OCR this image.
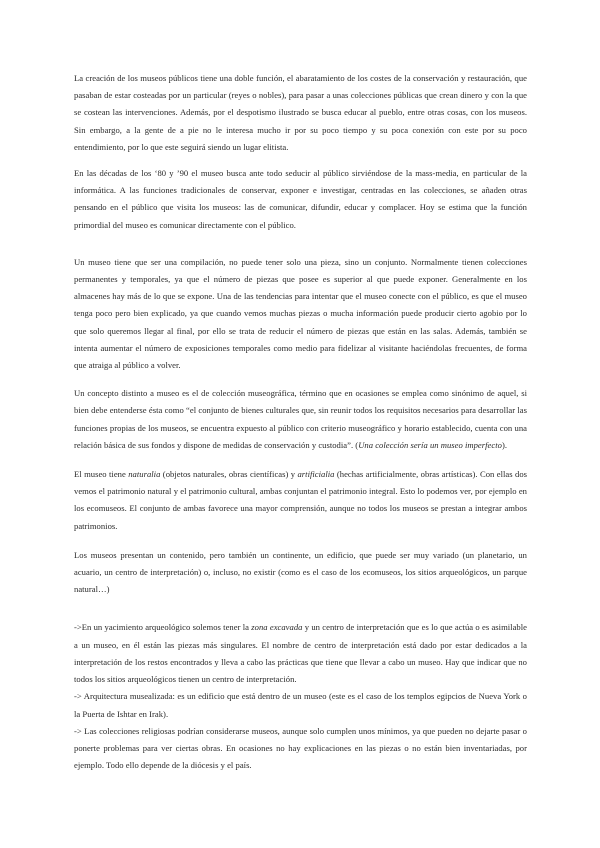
La creación de los museos públicos tiene una doble función, el abaratamiento de los costes de la conservación y restauración, que pasaban de estar costeadas por un particular (reyes o nobles), para pasar a unas colecciones públicas que crean dinero y con la que se costean las intervenciones. Además, por el despotismo ilustrado se busca educar al pueblo, entre otras cosas, con los museos. Sin embargo, a la gente de a pie no le interesa mucho ir por su poco tiempo y su poca conexión con este por su poco entendimiento, por lo que este seguirá siendo un lugar elitista.

En las décadas de los ‘80 y ’90 el museo busca ante todo seducir al público sirviéndose de la mass-media, en particular de la informática. A las funciones tradicionales de conservar, exponer e investigar, centradas en las colecciones, se añaden otras pensando en el público que visita los museos: las de comunicar, difundir, educar y complacer. Hoy se estima que la función primordial del museo es comunicar directamente con el público.

Un museo tiene que ser una compilación, no puede tener solo una pieza, sino un conjunto. Normalmente tienen colecciones permanentes y temporales, ya que el número de piezas que posee es superior al que puede exponer. Generalmente en los almacenes hay más de lo que se expone. Una de las tendencias para intentar que el museo conecte con el público, es que el museo tenga poco pero bien explicado, ya que cuando vemos muchas piezas o mucha información puede producir cierto agobio por lo que solo queremos llegar al final, por ello se trata de reducir el número de piezas que están en las salas. Además, también se intenta aumentar el número de exposiciones temporales como medio para fidelizar al visitante haciéndolas frecuentes, de forma que atraiga al público a volver.

Un concepto distinto a museo es el de colección museográfica, término que en ocasiones se emplea como sinónimo de aquel, si bien debe entenderse ésta como “el conjunto de bienes culturales que, sin reunir todos los requisitos necesarios para desarrollar las funciones propias de los museos, se encuentra expuesto al público con criterio museográfico y horario establecido, cuenta con una relación básica de sus fondos y dispone de medidas de conservación y custodia”. (Una colección sería un museo imperfecto).

El museo tiene naturalia (objetos naturales, obras científicas) y artificialia (hechas artificialmente, obras artísticas). Con ellas dos vemos el patrimonio natural y el patrimonio cultural, ambas conjuntan el patrimonio integral. Esto lo podemos ver, por ejemplo en los ecomuseos. El conjunto de ambas favorece una mayor comprensión, aunque no todos los museos se prestan a integrar ambos patrimonios.

Los museos presentan un contenido, pero también un continente, un edificio, que puede ser muy variado (un planetario, un acuario, un centro de interpretación) o, incluso, no existir (como es el caso de los ecomuseos, los sitios arqueológicos, un parque natural…)

->En un yacimiento arqueológico solemos tener la zona excavada y un centro de interpretación que es lo que actúa o es asimilable a un museo, en él están las piezas más singulares. El nombre de centro de interpretación está dado por estar dedicados a la interpretación de los restos encontrados y lleva a cabo las prácticas que tiene que llevar a cabo un museo. Hay que indicar que no todos los sitios arqueológicos tienen un centro de interpretación.

-> Arquitectura musealizada: es un edificio que está dentro de un museo (este es el caso de los templos egipcios de Nueva York o la Puerta de Ishtar en Irak).

-> Las colecciones religiosas podrían considerarse museos, aunque solo cumplen unos mínimos, ya que pueden no dejarte pasar o ponerte problemas para ver ciertas obras. En ocasiones no hay explicaciones en las piezas o no están bien inventariadas, por ejemplo. Todo ello depende de la diócesis y el país.
